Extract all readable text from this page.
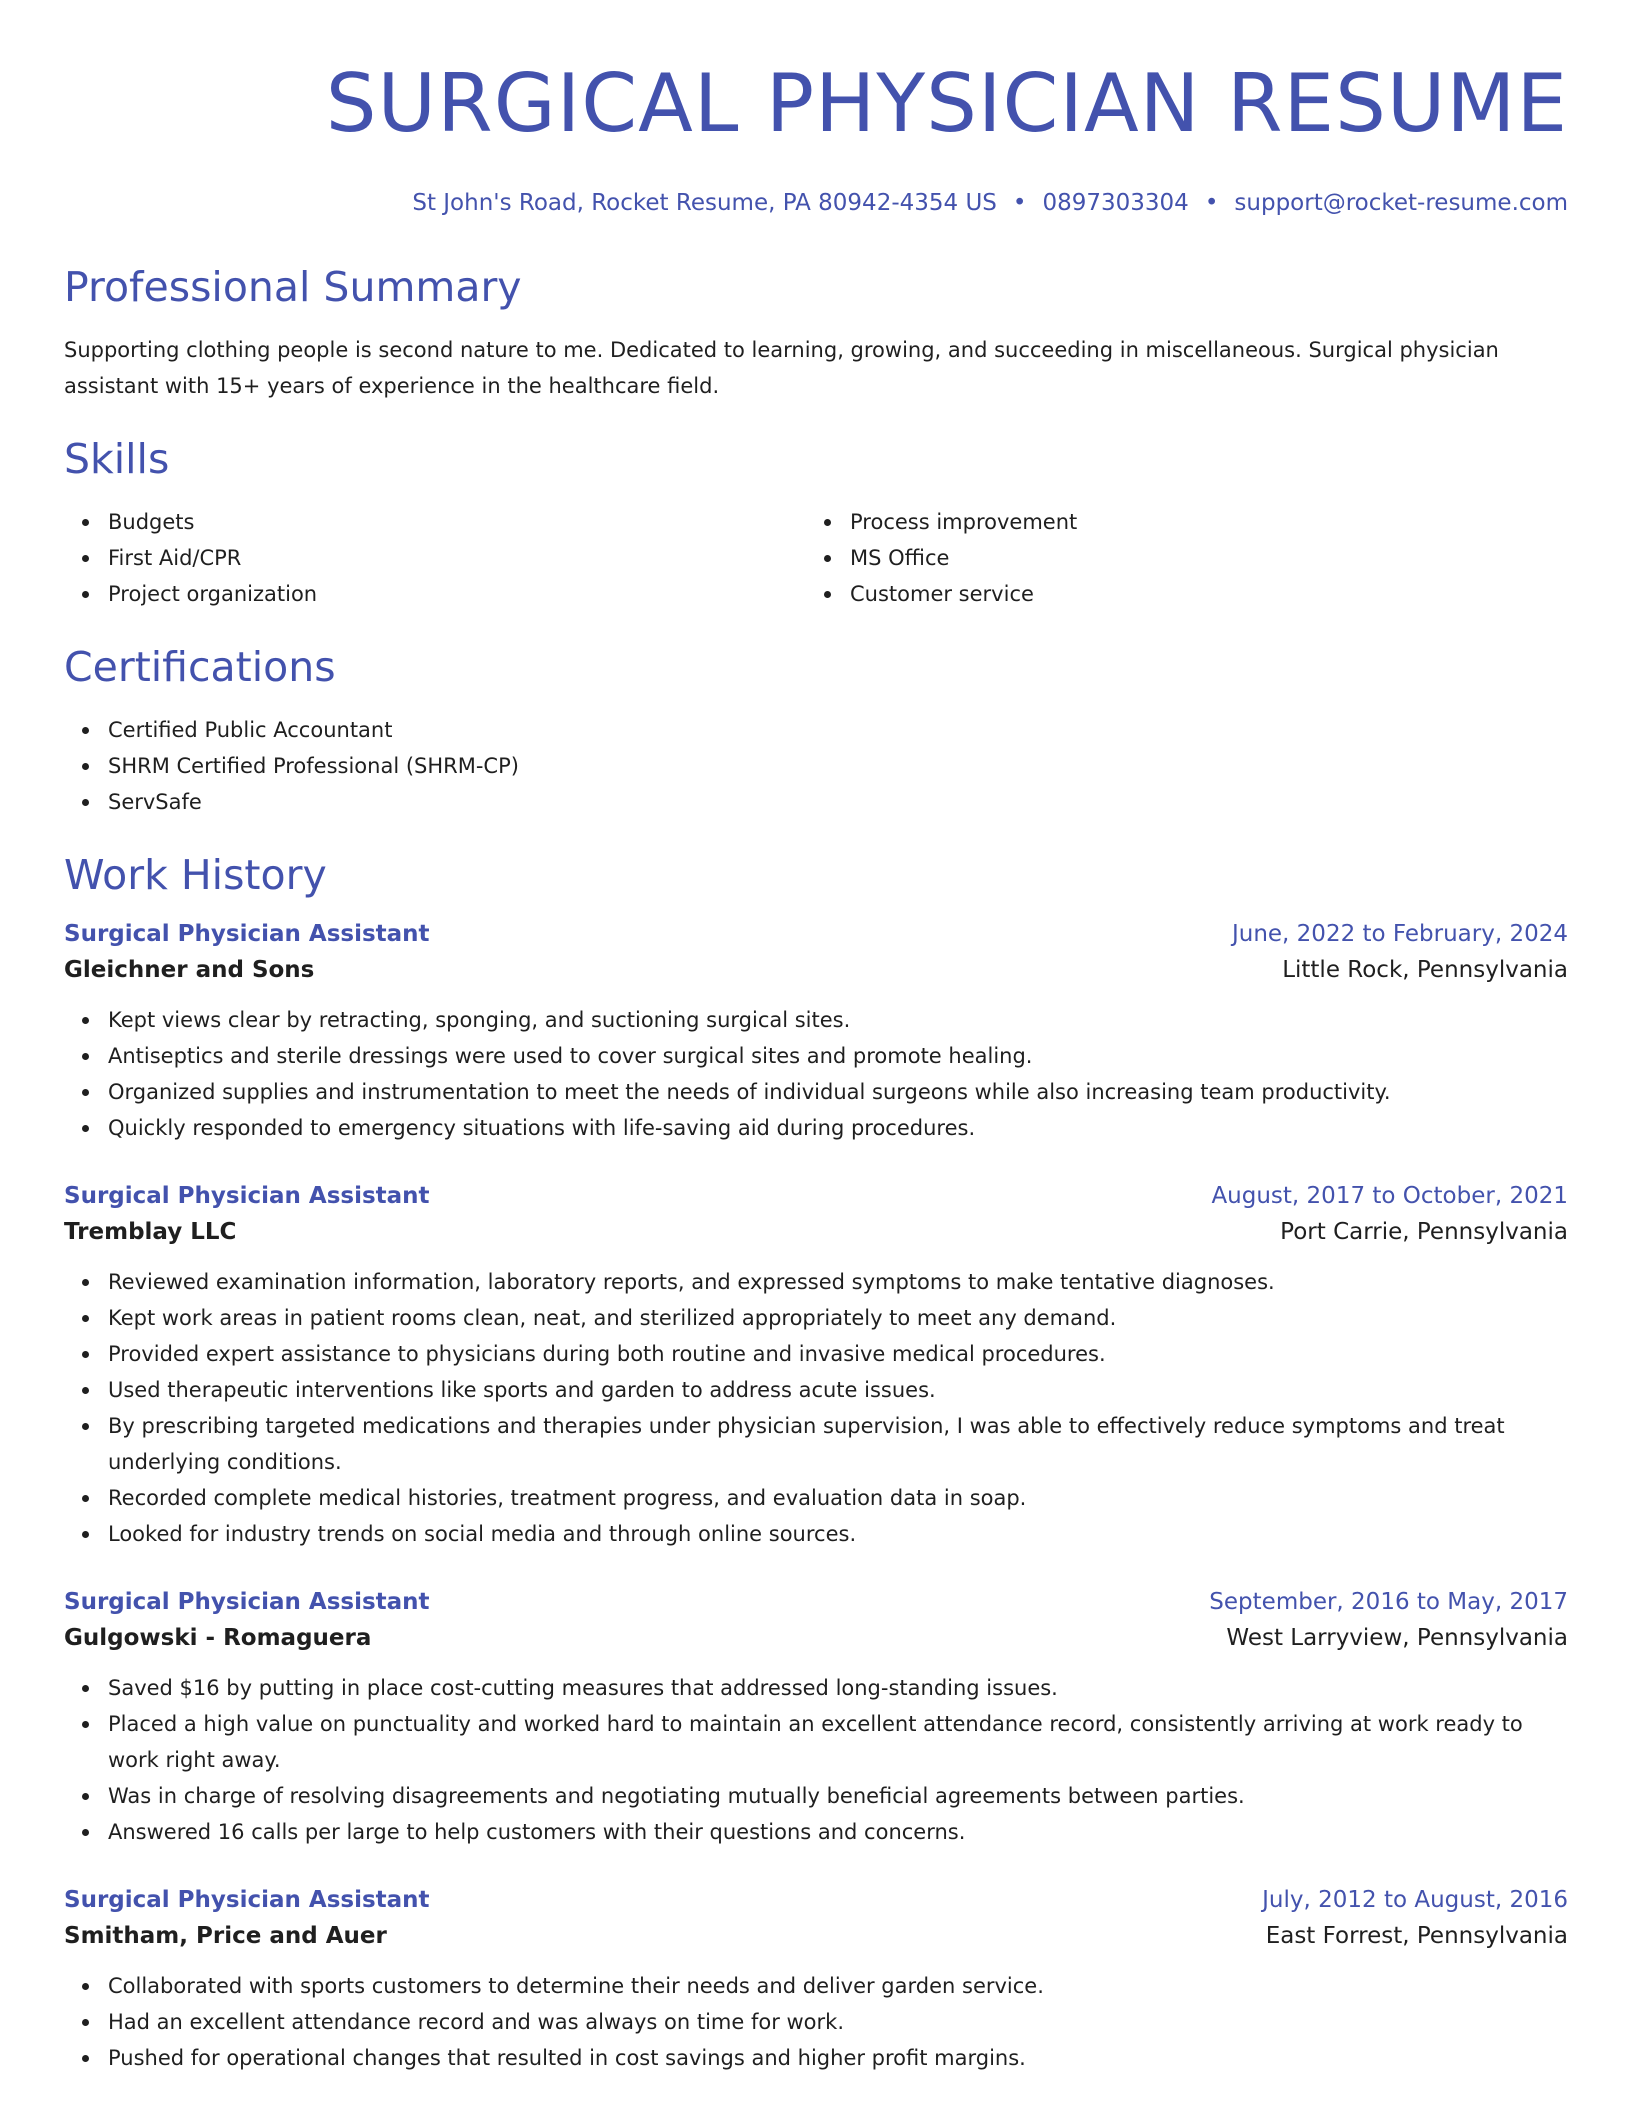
SURGICAL PHYSICIAN RESUME
St John's Road, Rocket Resume, PA 80942-4354 US • 0897303304 • support@rocket-resume.com
Professional Summary
Supporting clothing people is second nature to me. Dedicated to learning, growing, and succeeding in miscellaneous. Surgical physician assistant with 15+ years of experience in the healthcare field.
Skills
Budgets
First Aid/CPR
Project organization
Process improvement
MS Office
Customer service
Certifications
Certified Public Accountant
SHRM Certified Professional (SHRM-CP)
ServSafe
Work History
Surgical Physician Assistant	June, 2022 to February, 2024
Gleichner and Sons	Little Rock, Pennsylvania
Kept views clear by retracting, sponging, and suctioning surgical sites.
Antiseptics and sterile dressings were used to cover surgical sites and promote healing.
Organized supplies and instrumentation to meet the needs of individual surgeons while also increasing team productivity.
Quickly responded to emergency situations with life-saving aid during procedures.
Surgical Physician Assistant	August, 2017 to October, 2021
Tremblay LLC	Port Carrie, Pennsylvania
Reviewed examination information, laboratory reports, and expressed symptoms to make tentative diagnoses.
Kept work areas in patient rooms clean, neat, and sterilized appropriately to meet any demand.
Provided expert assistance to physicians during both routine and invasive medical procedures.
Used therapeutic interventions like sports and garden to address acute issues.
By prescribing targeted medications and therapies under physician supervision, I was able to effectively reduce symptoms and treat underlying conditions.
Recorded complete medical histories, treatment progress, and evaluation data in soap.
Looked for industry trends on social media and through online sources.
Surgical Physician Assistant	September, 2016 to May, 2017
Gulgowski - Romaguera	West Larryview, Pennsylvania
Saved $16 by putting in place cost-cutting measures that addressed long-standing issues.
Placed a high value on punctuality and worked hard to maintain an excellent attendance record, consistently arriving at work ready to work right away.
Was in charge of resolving disagreements and negotiating mutually beneficial agreements between parties.
Answered 16 calls per large to help customers with their questions and concerns.
Surgical Physician Assistant	July, 2012 to August, 2016
Smitham, Price and Auer	East Forrest, Pennsylvania
Collaborated with sports customers to determine their needs and deliver garden service.
Had an excellent attendance record and was always on time for work.
Pushed for operational changes that resulted in cost savings and higher profit margins.
